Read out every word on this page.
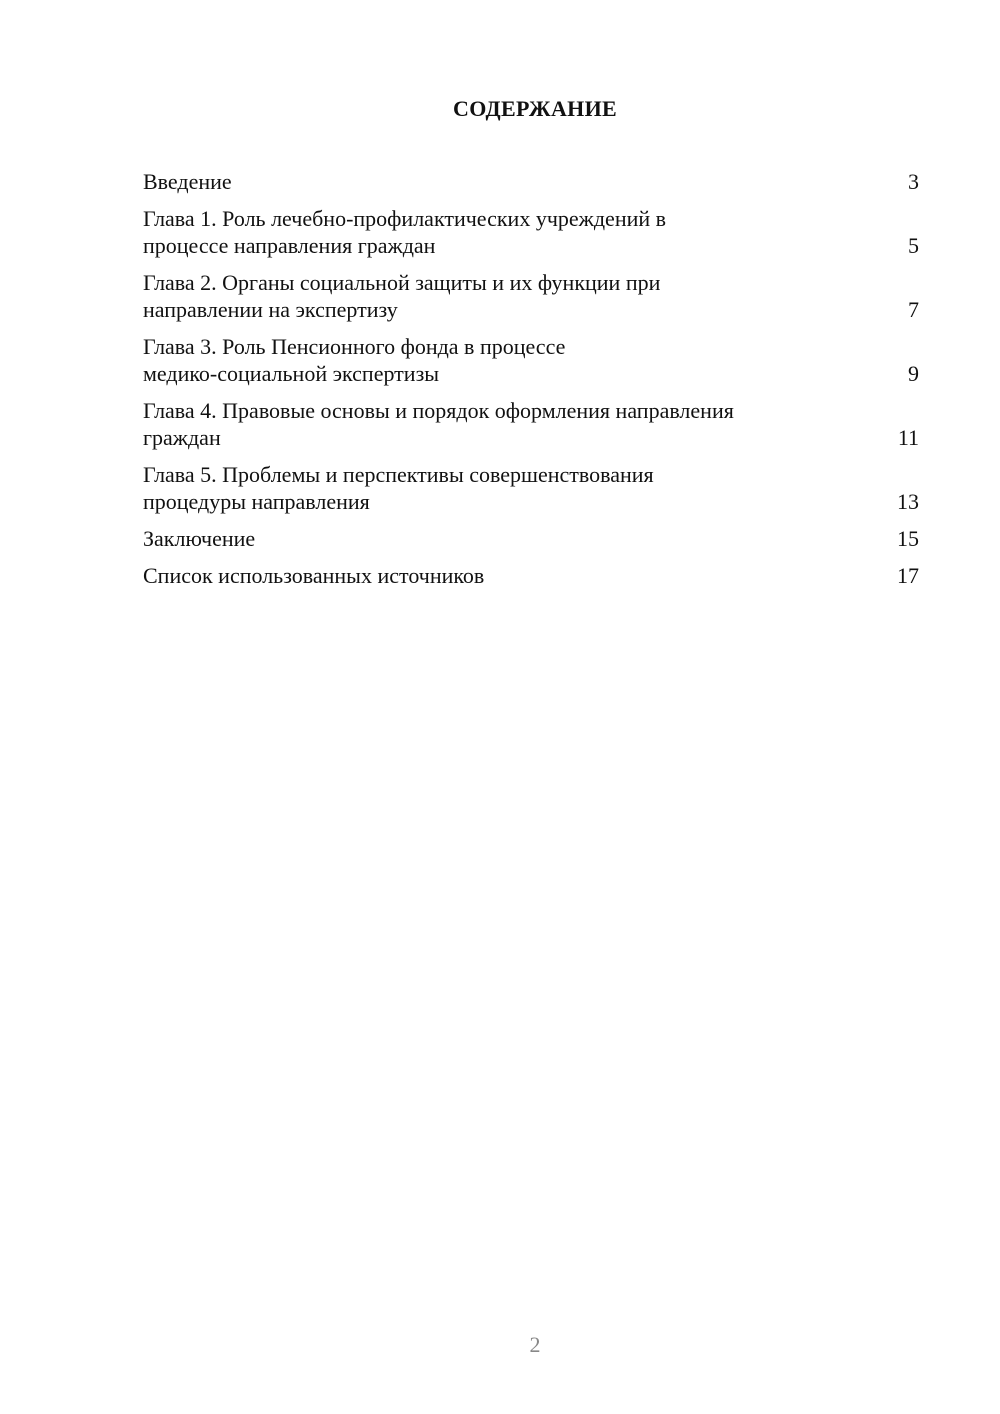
СОДЕРЖАНИЕ
Введение	3
Глава 1. Роль лечебно-профилактических учреждений в
процессе направления граждан	5
Глава 2. Органы социальной защиты и их функции при
направлении на экспертизу	7
Глава 3. Роль Пенсионного фонда в процессе
медико-социальной экспертизы	9
Глава 4. Правовые основы и порядок оформления направления
граждан	11
Глава 5. Проблемы и перспективы совершенствования
процедуры направления	13
Заключение	15
Список использованных источников	17
2
